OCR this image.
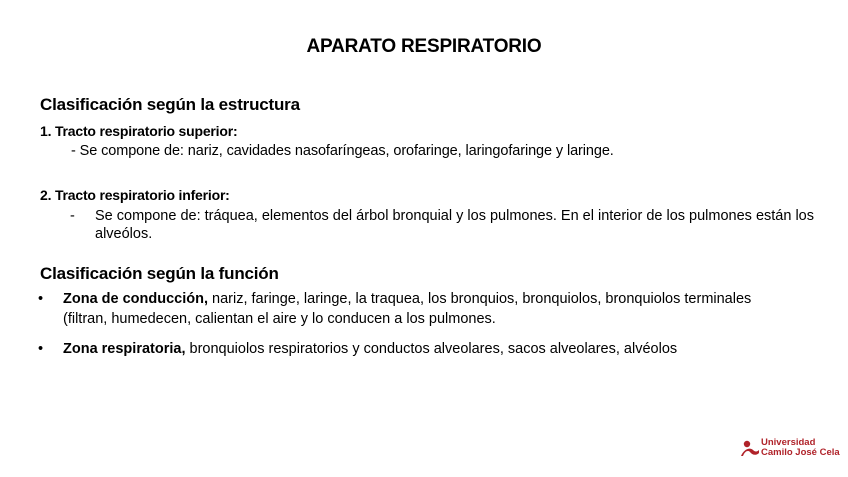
APARATO RESPIRATORIO
Clasificación según la estructura
1. Tracto respiratorio superior:
- Se compone de: nariz, cavidades nasofaríngeas, orofaringe, laringofaringe y laringe.
2. Tracto respiratorio inferior:
- Se compone de: tráquea, elementos del árbol bronquial y los pulmones. En el interior de los pulmones están los alveólos.
Clasificación según la función
• Zona de conducción, nariz, faringe, laringe, la traquea, los bronquios, bronquiolos, bronquiolos terminales (filtran, humedecen, calientan el aire y lo conducen a los pulmones.
• Zona respiratoria, bronquiolos respiratorios y conductos alveolares, sacos alveolares, alvéolos
Universidad
Camilo José Cela
